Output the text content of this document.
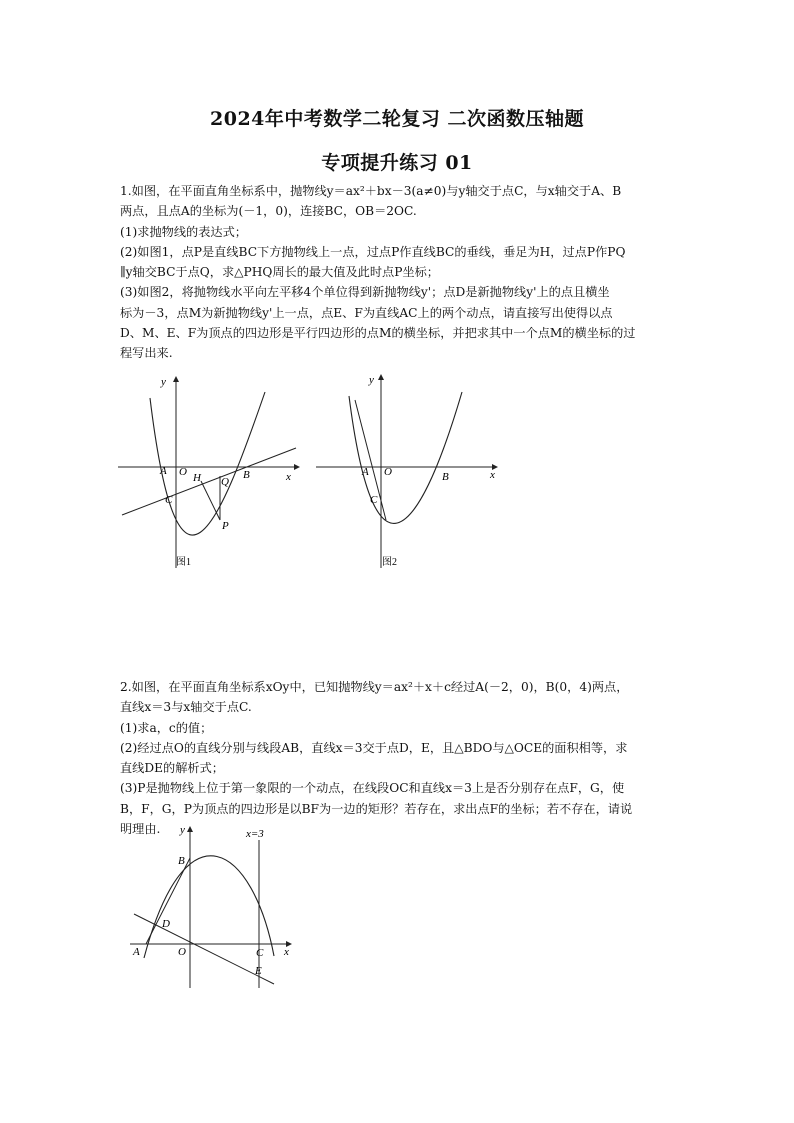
2024年中考数学二轮复习 二次函数压轴题
专项提升练习 01

1.如图，在平面直角坐标系中，抛物线y＝ax²＋bx－3(a≠0)与y轴交于点C，与x轴交于A、B

两点，且点A的坐标为(－1，0)，连接BC，OB＝2OC.

(1)求抛物线的表达式；

(2)如图1，点P是直线BC下方抛物线上一点，过点P作直线BC的垂线，垂足为H，过点P作PQ

∥y轴交BC于点Q，求△PHQ周长的最大值及此时点P坐标；

(3)如图2，将抛物线水平向左平移4个单位得到新抛物线y'；点D是新抛物线y'上的点且横坐

标为－3，点M为新抛物线y'上一点，点E、F为直线AC上的两个动点，请直接写出使得以点

D、M、E、F为顶点的四边形是平行四边形的点M的横坐标，并把求其中一个点M的横坐标的过

程写出来.

A O	B
C
H Q
P
x
y
图1
A O	B
C
x
y
图2

2.如图，在平面直角坐标系xOy中，已知抛物线y＝ax²＋x＋c经过A(－2，0)，B(0，4)两点，

直线x＝3与x轴交于点C.

(1)求a，c的值；

(2)经过点O的直线分别与线段AB，直线x＝3交于点D，E，且△BDO与△OCE的面积相等，求

直线DE的解析式；

(3)P是抛物线上位于第一象限的一个动点，在线段OC和直线x＝3上是否分别存在点F，G，使

B，F，G，P为顶点的四边形是以BF为一边的矩形？若存在，求出点F的坐标；若不存在，请说

明理由.

A	O
B
D
C
E
x=3
x
y
